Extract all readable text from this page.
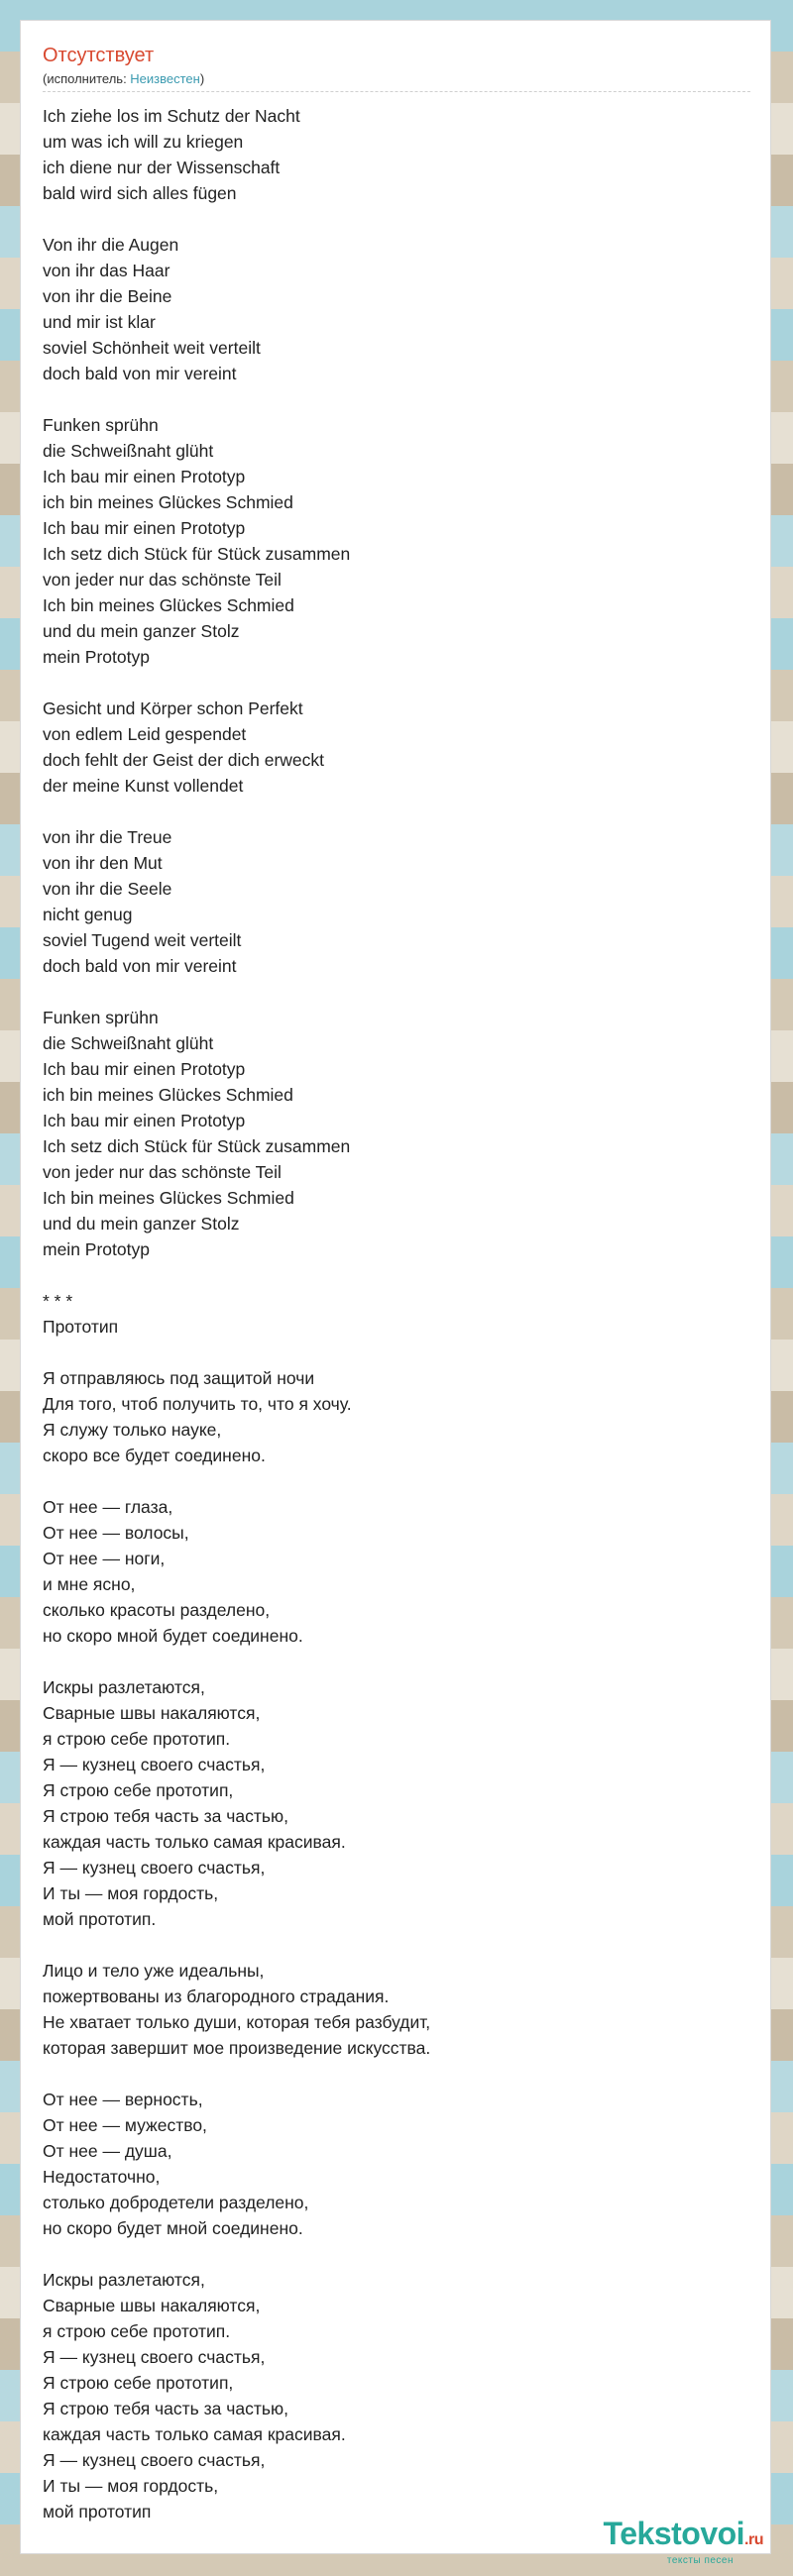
Отсутствует
(исполнитель: Неизвестен)
Ich ziehe los im Schutz der Nacht
um was ich will zu kriegen
ich diene nur der Wissenschaft
bald wird sich alles fügen
Von ihr die Augen
von ihr das Haar
von ihr die Beine
und mir ist klar
soviel Schönheit weit verteilt
doch bald von mir vereint
Funken sprühn
die Schweißnaht glüht
Ich bau mir einen Prototyp
ich bin meines Glückes Schmied
Ich bau mir einen Prototyp
Ich setz dich Stück für Stück zusammen
von jeder nur das schönste Teil
Ich bin meines Glückes Schmied
und du mein ganzer Stolz
mein Prototyp
Gesicht und Körper schon Perfekt
von edlem Leid gespendet
doch fehlt der Geist der dich erweckt
der meine Kunst vollendet
von ihr die Treue
von ihr den Mut
von ihr die Seele
nicht genug
soviel Tugend weit verteilt
doch bald von mir vereint
Funken sprühn
die Schweißnaht glüht
Ich bau mir einen Prototyp
ich bin meines Glückes Schmied
Ich bau mir einen Prototyp
Ich setz dich Stück für Stück zusammen
von jeder nur das schönste Teil
Ich bin meines Glückes Schmied
und du mein ganzer Stolz
mein Prototyp
* * *
Прототип
Я отправляюсь под защитой ночи
Для того, чтоб получить то, что я хочу.
Я служу только науке,
скоро все будет соединено.
От нее — глаза,
От нее — волосы,
От нее — ноги,
и мне ясно,
сколько красоты разделено,
но скоро мной будет соединено.
Искры разлетаются,
Сварные швы накаляются,
я строю себе прототип.
Я — кузнец своего счастья,
Я строю себе прототип,
Я строю тебя часть за частью,
каждая часть только самая красивая.
Я — кузнец своего счастья,
И ты — моя гордость,
мой прототип.
Лицо и тело уже идеальны,
пожертвованы из благородного страдания.
Не хватает только души, которая тебя разбудит,
которая завершит мое произведение искусства.
От нее — верность,
От нее — мужество,
От нее — душа,
Недостаточно,
столько добродетели разделено,
но скоро будет мной соединено.
Искры разлетаются,
Сварные швы накаляются,
я строю себе прототип.
Я — кузнец своего счастья,
Я строю себе прототип,
Я строю тебя часть за частью,
каждая часть только самая красивая.
Я — кузнец своего счастья,
И ты — моя гордость,
мой прототип
Tekstovoi.ru
тексты песен
